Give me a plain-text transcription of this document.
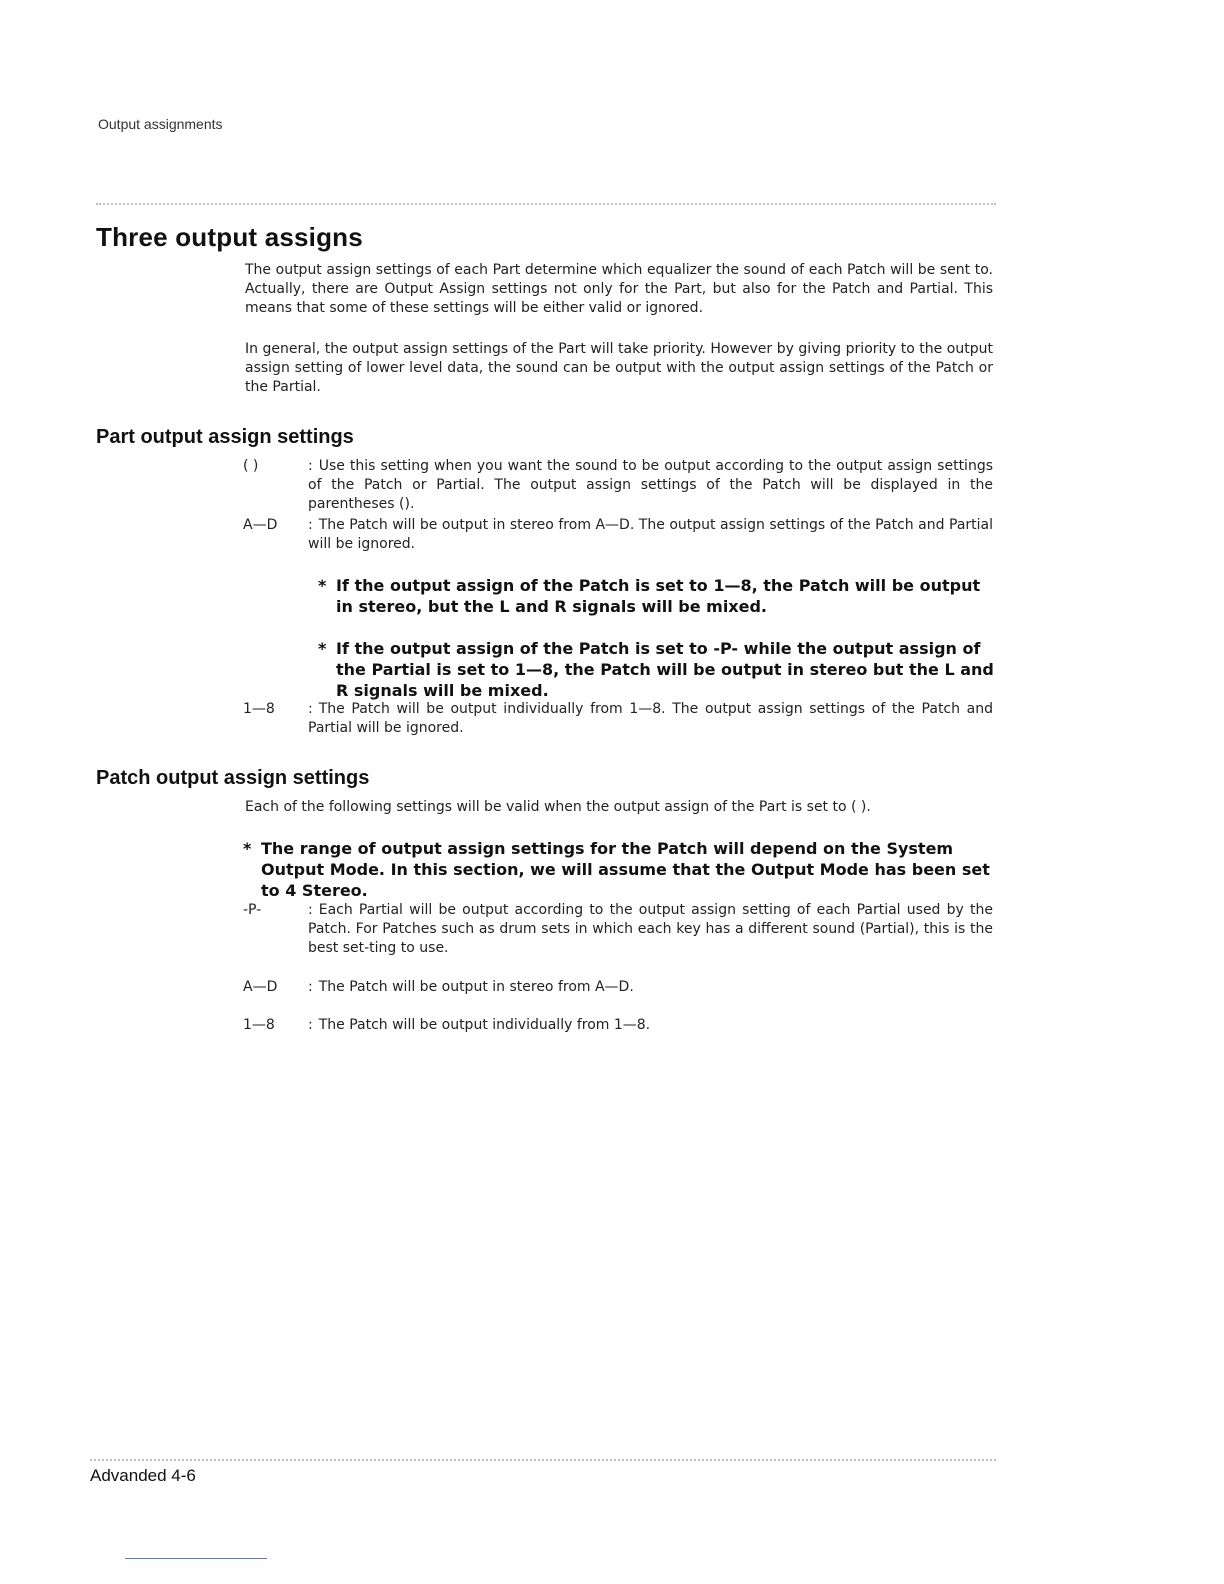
Output assignments
Three output assigns

The output assign settings of each Part determine which equalizer the sound of each Patch will be sent to. Actually, there are Output Assign settings not only for the Part, but also for the Patch and Partial. This means that some of these settings will be either valid or ignored.

In general, the output assign settings of the Part will take priority. However by giving priority to the output assign setting of lower level data, the sound can be output with the output assign settings of the Patch or the Partial.

Part output assign settings
( )	: Use this setting when you want the sound to be output according to the output assign settings of the Patch or Partial. The output assign settings of the Patch will be displayed in the parentheses ().
A—D	: The Patch will be output in stereo from A—D. The output assign settings of the Patch and Partial will be ignored.
* If the output assign of the Patch is set to 1—8, the Patch will be output in stereo, but the L and R signals will be mixed.
* If the output assign of the Patch is set to -P- while the output assign of the Partial is set to 1—8, the Patch will be output in stereo but the L and R signals will be mixed.
1—8	: The Patch will be output individually from 1—8. The output assign settings of the Patch and Partial will be ignored.
Patch output assign settings

Each of the following settings will be valid when the output assign of the Part is set to ( ).

* The range of output assign settings for the Patch will depend on the System Output Mode. In this section, we will assume that the Output Mode has been set to 4 Stereo.
-P-	: Each Partial will be output according to the output assign setting of each Partial used by the Patch. For Patches such as drum sets in which each key has a different sound (Partial), this is the best set-ting to use.
A—D	: The Patch will be output in stereo from A—D.
1—8	: The Patch will be output individually from 1—8.
Advanded 4-6
